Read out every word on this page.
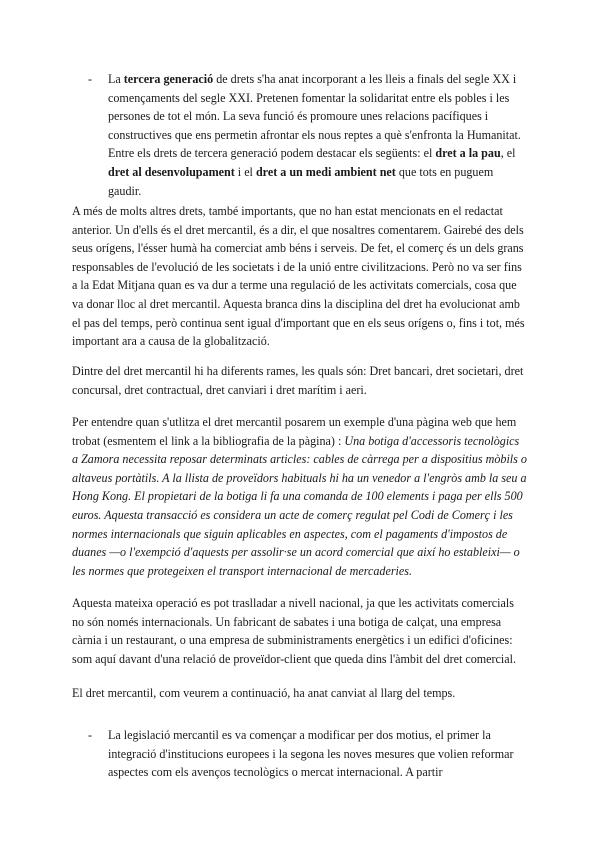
- La tercera generació de drets s'ha anat incorporant a les lleis a finals del segle XX i començaments del segle XXI. Pretenen fomentar la solidaritat entre els pobles i les persones de tot el món. La seva funció és promoure unes relacions pacífiques i constructives que ens permetin afrontar els nous reptes a què s'enfronta la Humanitat. Entre els drets de tercera generació podem destacar els següents: el dret a la pau, el dret al desenvolupament i el dret a un medi ambient net que tots en puguem gaudir.

A més de molts altres drets, també importants, que no han estat mencionats en el redactat anterior. Un d'ells és el dret mercantil, és a dir, el que nosaltres comentarem. Gairebé des dels seus orígens, l'ésser humà ha comerciat amb béns i serveis. De fet, el comerç és un dels grans responsables de l'evolució de les societats i de la unió entre civilitzacions. Però no va ser fins a la Edat Mitjana quan es va dur a terme una regulació de les activitats comercials, cosa que va donar lloc al dret mercantil. Aquesta branca dins la disciplina del dret ha evolucionat amb el pas del temps, però continua sent igual d'important que en els seus orígens o, fins i tot, més important ara a causa de la globalització.

Dintre del dret mercantil hi ha diferents rames, les quals són: Dret bancari, dret societari, dret concursal, dret contractual, dret canviari i dret marítim i aeri.

Per entendre quan s'utlitza el dret mercantil posarem un exemple d'una pàgina web que hem trobat (esmentem el link a la bibliografia de la pàgina) : Una botiga d'accessoris tecnològics a Zamora necessita reposar determinats articles: cables de càrrega per a dispositius mòbils o altaveus portàtils. A la llista de proveïdors habituals hi ha un venedor a l'engròs amb la seu a Hong Kong. El propietari de la botiga li fa una comanda de 100 elements i paga per ells 500 euros. Aquesta transacció es considera un acte de comerç regulat pel Codi de Comerç i les normes internacionals que siguin aplicables en aspectes, com el pagaments d'impostos de duanes —o l'exempció d'aquests per assolir·se un acord comercial que així ho estableixi— o les normes que protegeixen el transport internacional de mercaderies.

Aquesta mateixa operació es pot traslladar a nivell nacional, ja que les activitats comercials no són només internacionals. Un fabricant de sabates i una botiga de calçat, una empresa càrnia i un restaurant, o una empresa de subministraments energètics i un edifici d'oficines: som aquí davant d'una relació de proveïdor-client que queda dins l'àmbit del dret comercial.

El dret mercantil, com veurem a continuació, ha anat canviat al llarg del temps.

- La legislació mercantil es va començar a modificar per dos motius, el primer la integració d'institucions europees i la segona les noves mesures que volien reformar aspectes com els avenços tecnològics o mercat internacional. A partir
